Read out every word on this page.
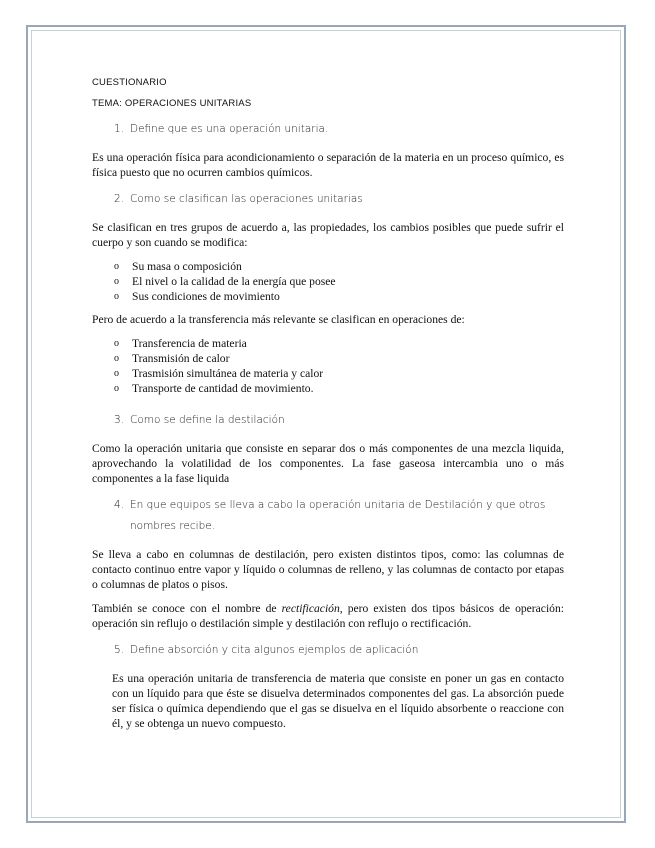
CUESTIONARIO
TEMA: OPERACIONES UNITARIAS
1. Define que es una operación unitaria.

Es una operación física para acondicionamiento o separación de la materia en un proceso químico, es física puesto que no ocurren cambios químicos.

2. Como se clasifican las operaciones unitarias

Se clasifican en tres grupos de acuerdo a, las propiedades, los cambios posibles que puede sufrir el cuerpo y son cuando se modifica:

o	Su masa o composición
o	El nivel o la calidad de la energía que posee
o	Sus condiciones de movimiento

Pero de acuerdo a la transferencia más relevante se clasifican en operaciones de:

o	Transferencia de materia
o	Transmisión de calor
o	Trasmisión simultánea de materia y calor
o	Transporte de cantidad de movimiento.
3. Como se define la destilación

Como la operación unitaria que consiste en separar dos o más componentes de una mezcla liquida, aprovechando la volatilidad de los componentes. La fase gaseosa intercambia uno o más componentes a la fase liquida

4. En que equipos se lleva a cabo la operación unitaria de Destilación y que otros nombres recibe.

Se lleva a cabo en columnas de destilación, pero existen distintos tipos, como: las columnas de contacto continuo entre vapor y líquido o columnas de relleno, y las columnas de contacto por etapas o columnas de platos o pisos.

También se conoce con el nombre de rectificación, pero existen dos tipos básicos de operación: operación sin reflujo o destilación simple y destilación con reflujo o rectificación.

5. Define absorción y cita algunos ejemplos de aplicación

Es una operación unitaria de transferencia de materia que consiste en poner un gas en contacto con un líquido para que éste se disuelva determinados componentes del gas. La absorción puede ser física o química dependiendo que el gas se disuelva en el líquido absorbente o reaccione con él, y se obtenga un nuevo compuesto.
